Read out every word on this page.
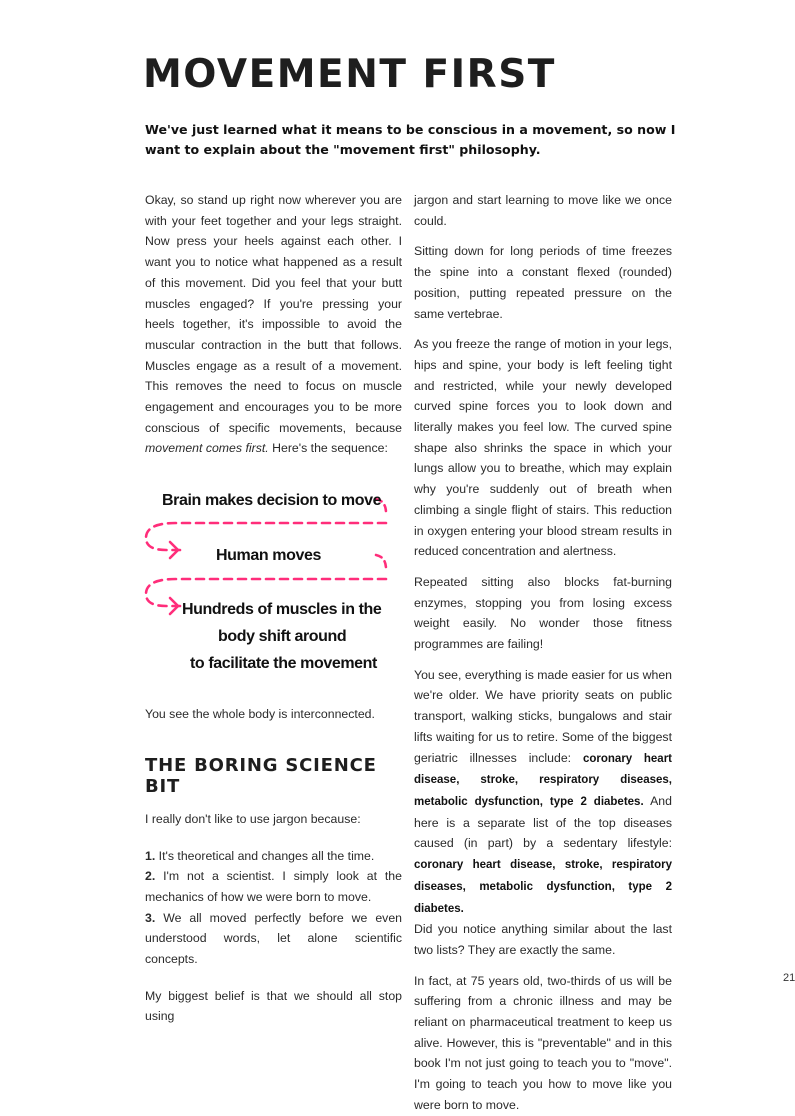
MOVEMENT FIRST
We've just learned what it means to be conscious in a movement, so now I want to explain about the "movement first" philosophy.

Okay, so stand up right now wherever you are with your feet together and your legs straight. Now press your heels against each other. I want you to notice what happened as a result of this movement. Did you feel that your butt muscles engaged? If you're pressing your heels together, it's impossible to avoid the muscular contraction in the butt that follows. Muscles engage as a result of a movement. This removes the need to focus on muscle engagement and encourages you to be more conscious of specific movements, because movement comes first. Here's the sequence:

Brain makes decision to move
Human moves
Hundreds of muscles in the
body shift around
to facilitate the movement

You see the whole body is interconnected.

THE BORING SCIENCE BIT

I really don't like to use jargon because:

1. It's theoretical and changes all the time.

2. I'm not a scientist. I simply look at the mechanics of how we were born to move.

3. We all moved perfectly before we even understood words, let alone scientific concepts.

My biggest belief is that we should all stop using

jargon and start learning to move like we once could.

Sitting down for long periods of time freezes the spine into a constant flexed (rounded) position, putting repeated pressure on the same vertebrae.

As you freeze the range of motion in your legs, hips and spine, your body is left feeling tight and restricted, while your newly developed curved spine forces you to look down and literally makes you feel low. The curved spine shape also shrinks the space in which your lungs allow you to breathe, which may explain why you're suddenly out of breath when climbing a single flight of stairs. This reduction in oxygen entering your blood stream results in reduced concentration and alertness.

Repeated sitting also blocks fat-burning enzymes, stopping you from losing excess weight easily. No wonder those fitness programmes are failing!

You see, everything is made easier for us when we're older. We have priority seats on public transport, walking sticks, bungalows and stair lifts waiting for us to retire. Some of the biggest geriatric illnesses include: coronary heart disease, stroke, respiratory diseases, metabolic dysfunction, type 2 diabetes. And here is a separate list of the top diseases caused (in part) by a sedentary lifestyle: coronary heart disease, stroke, respiratory diseases, metabolic dysfunction, type 2 diabetes.
Did you notice anything similar about the last two lists? They are exactly the same.

In fact, at 75 years old, two-thirds of us will be suffering from a chronic illness and may be reliant on pharmaceutical treatment to keep us alive. However, this is "preventable" and in this book I'm not just going to teach you to "move". I'm going to teach you how to move like you were born to move.

21
